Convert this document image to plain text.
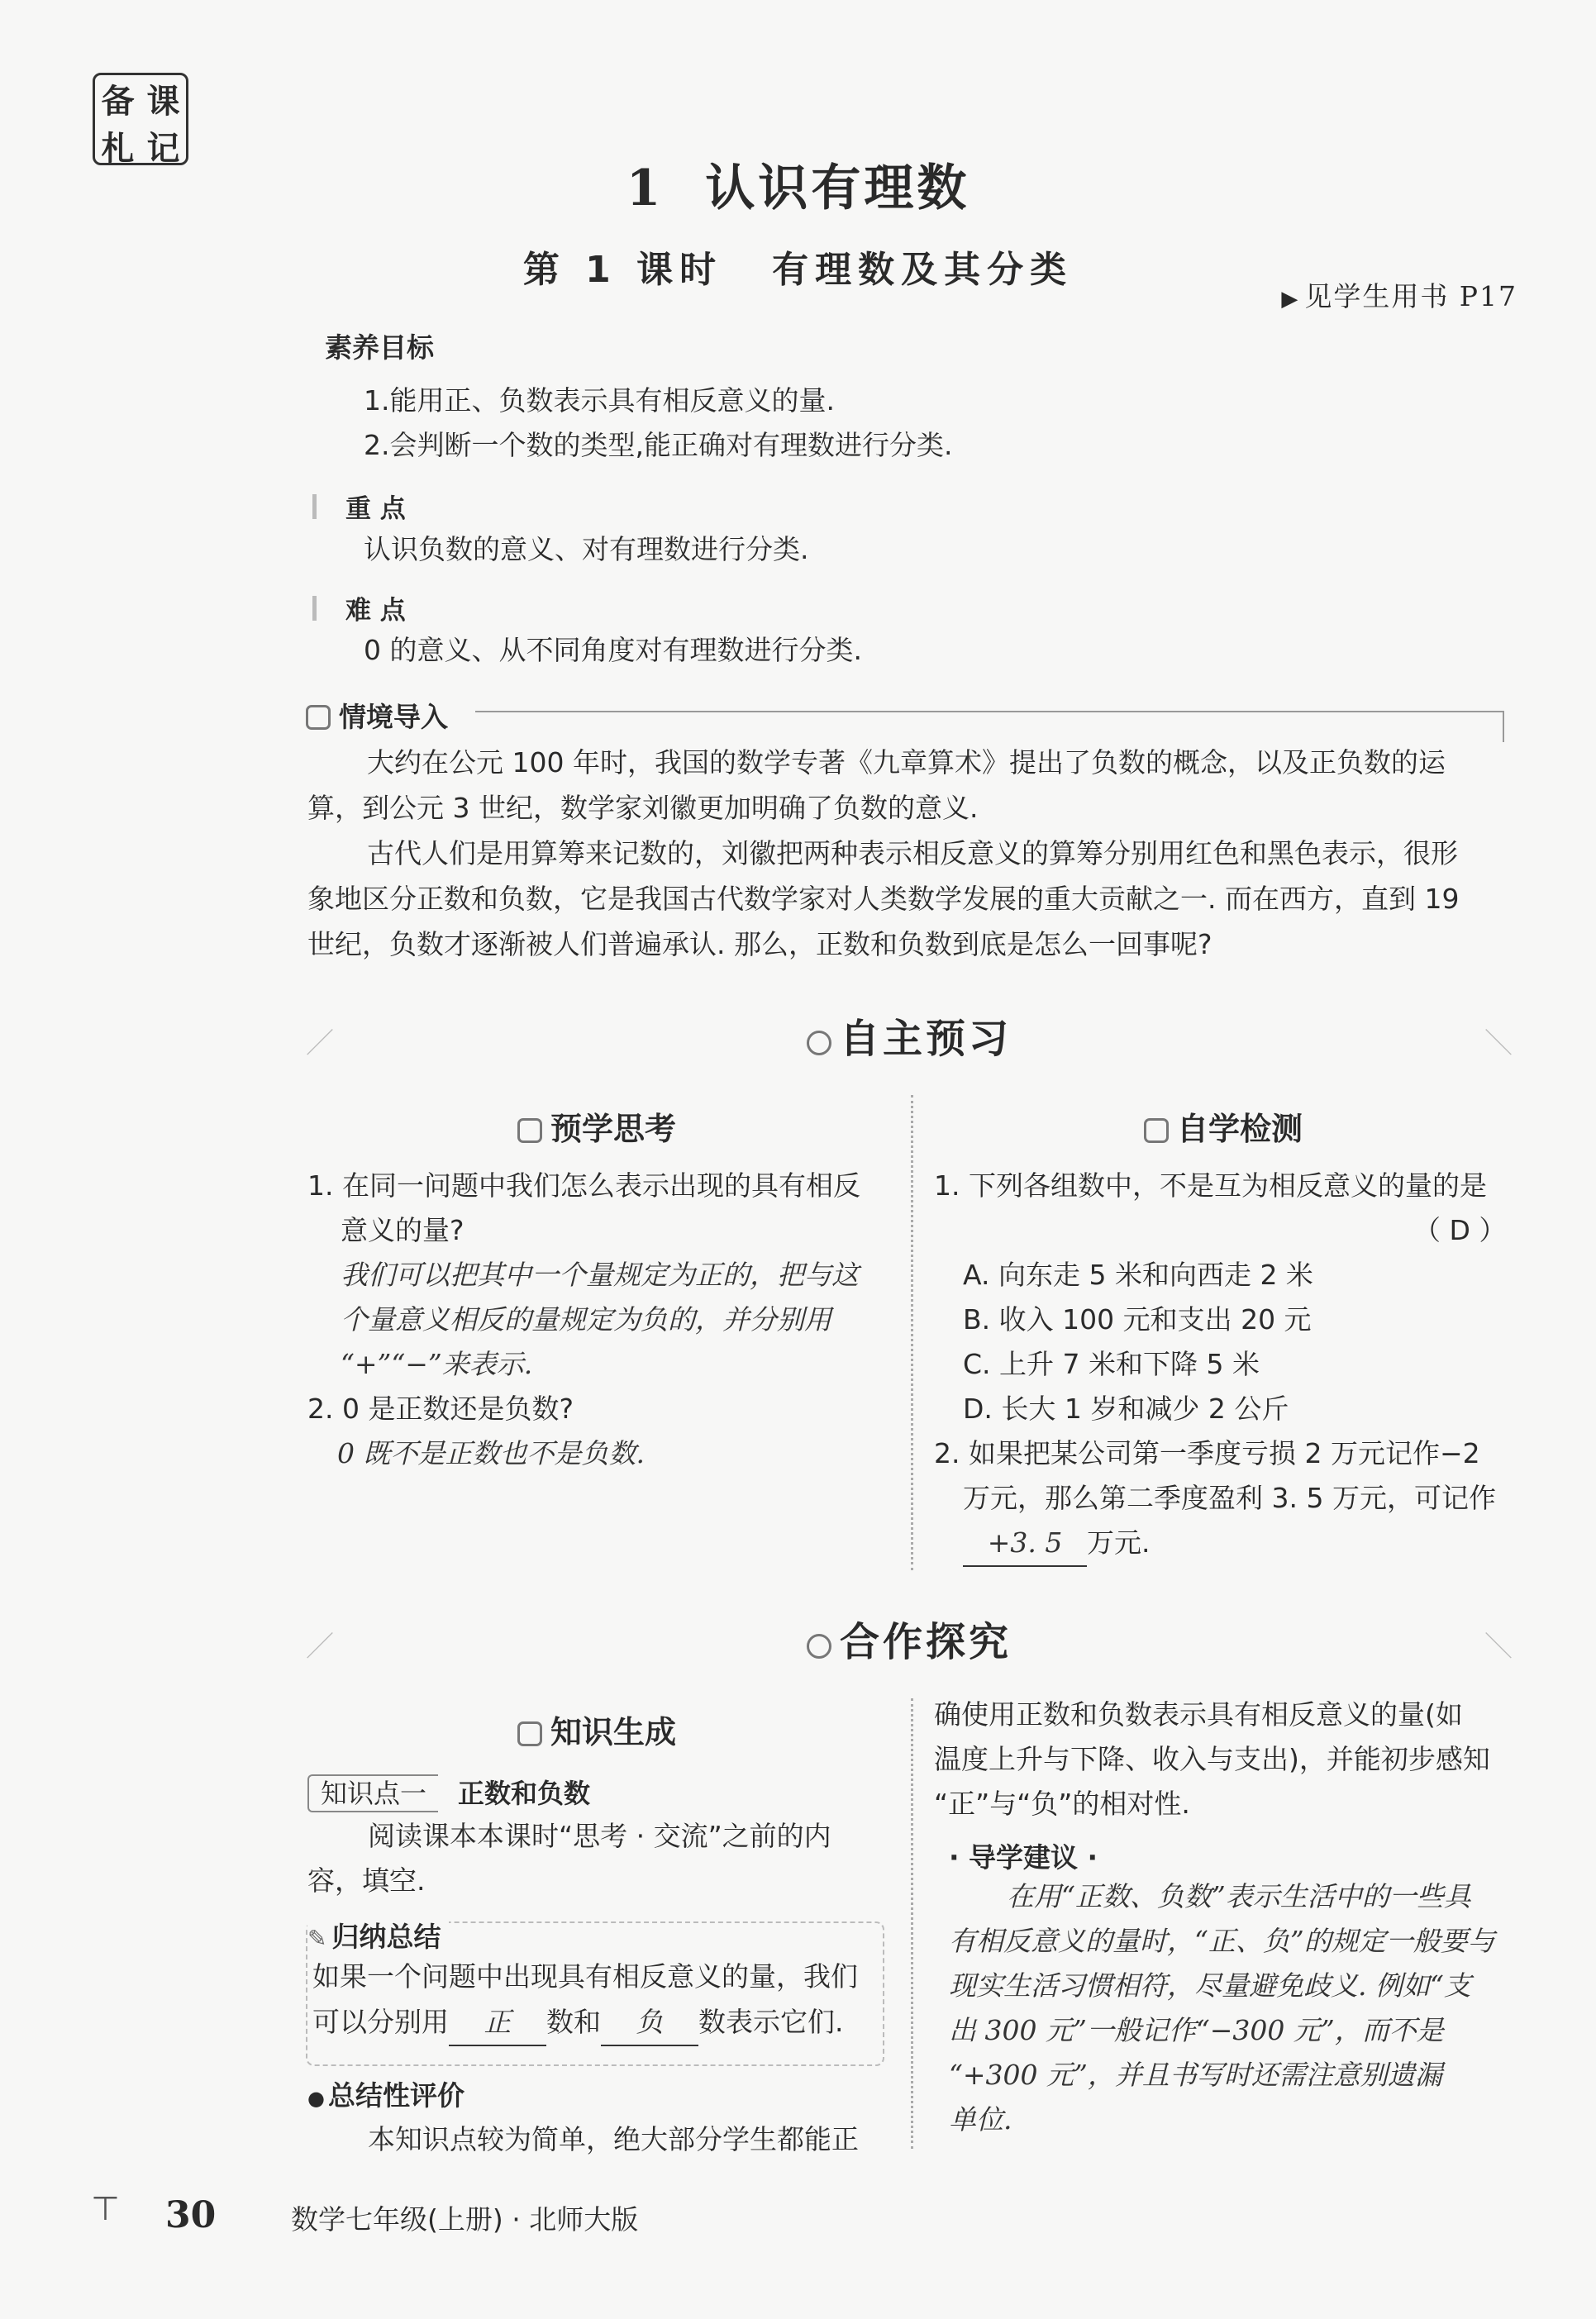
备 课
札 记
1 认识有理数
第 1 课时 有理数及其分类
▶ 见学生用书 P17
素养目标
1.能用正、负数表示具有相反意义的量.
2.会判断一个数的类型,能正确对有理数进行分类.
重 点
认识负数的意义、对有理数进行分类.
难 点
0 的意义、从不同角度对有理数进行分类.
情境导入
大约在公元 100 年时，我国的数学专著《九章算术》提出了负数的概念，以及正负数的运
算，到公元 3 世纪，数学家刘徽更加明确了负数的意义.
古代人们是用算筹来记数的，刘徽把两种表示相反意义的算筹分别用红色和黑色表示，很形
象地区分正数和负数，它是我国古代数学家对人类数学发展的重大贡献之一. 而在西方，直到 19
世纪，负数才逐渐被人们普遍承认. 那么，正数和负数到底是怎么一回事呢?
／	自主预习	＼
预学思考
1. 在同一问题中我们怎么表示出现的具有相反
意义的量?
我们可以把其中一个量规定为正的，把与这
个量意义相反的量规定为负的，并分别用
“+”“−”来表示.
2. 0 是正数还是负数?
0 既不是正数也不是负数.
自学检测
1. 下列各组数中，不是互为相反意义的量的是
（ D ）
A. 向东走 5 米和向西走 2 米
B. 收入 100 元和支出 20 元
C. 上升 7 米和下降 5 米
D. 长大 1 岁和减少 2 公斤
2. 如果把某公司第一季度亏损 2 万元记作−2
万元，那么第二季度盈利 3. 5 万元，可记作
+3. 5 万元.
／	合作探究	＼
知识生成
知识点一 正数和负数
阅读课本本课时“思考 · 交流”之前的内
容，填空.
✎ 归纳总结
如果一个问题中出现具有相反意义的量，我们
可以分别用 正 数和 负 数表示它们.
● 总结性评价
本知识点较为简单，绝大部分学生都能正
确使用正数和负数表示具有相反意义的量(如
温度上升与下降、收入与支出)，并能初步感知
“正”与“负”的相对性.
· 导学建议 ·
在用“正数、负数”表示生活中的一些具
有相反意义的量时，“正、负”的规定一般要与
现实生活习惯相符，尽量避免歧义. 例如“支
出 300 元”一般记作“−300 元”，而不是
“+300 元”，并且书写时还需注意别遗漏
单位.
⊤ 30	数学七年级(上册) · 北师大版
